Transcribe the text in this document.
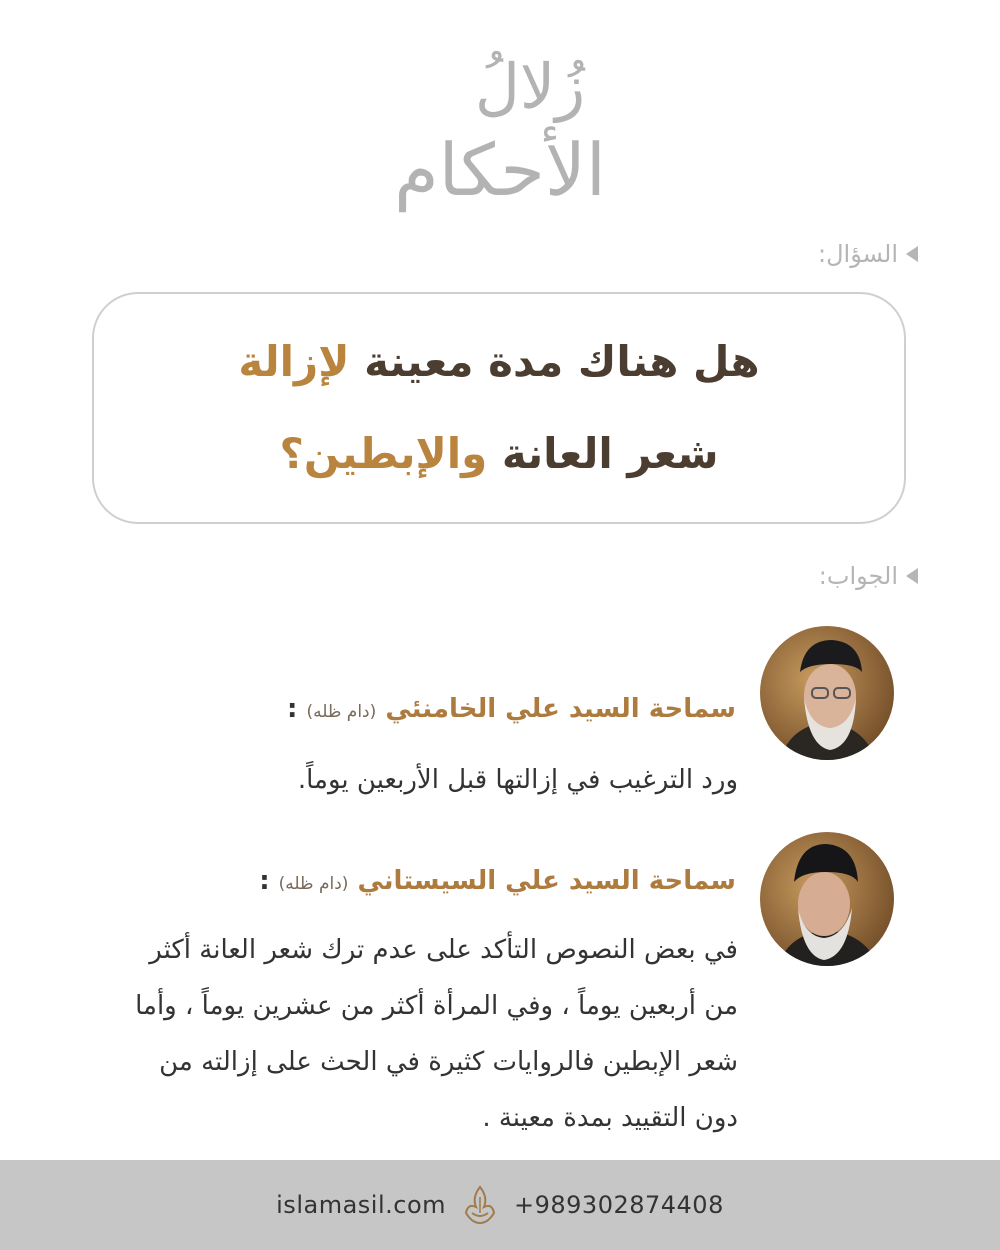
زُلالُ
الأحكام
السؤال:
هل هناك مدة معينة لإزالة
شعر العانة والإبطين؟
الجواب:
سماحة السيد علي الخامنئي (دام ظله) :
ورد الترغيب في إزالتها قبل الأربعين يوماً.
سماحة السيد علي السيستاني (دام ظله) :
في بعض النصوص التأكد على عدم ترك شعر العانة أكثر
من أربعين يوماً ، وفي المرأة أكثر من عشرين يوماً ، وأما
شعر الإبطين فالروايات كثيرة في الحث على إزالته من
دون التقييد بمدة معينة .
islamasil.com	+989302874408
